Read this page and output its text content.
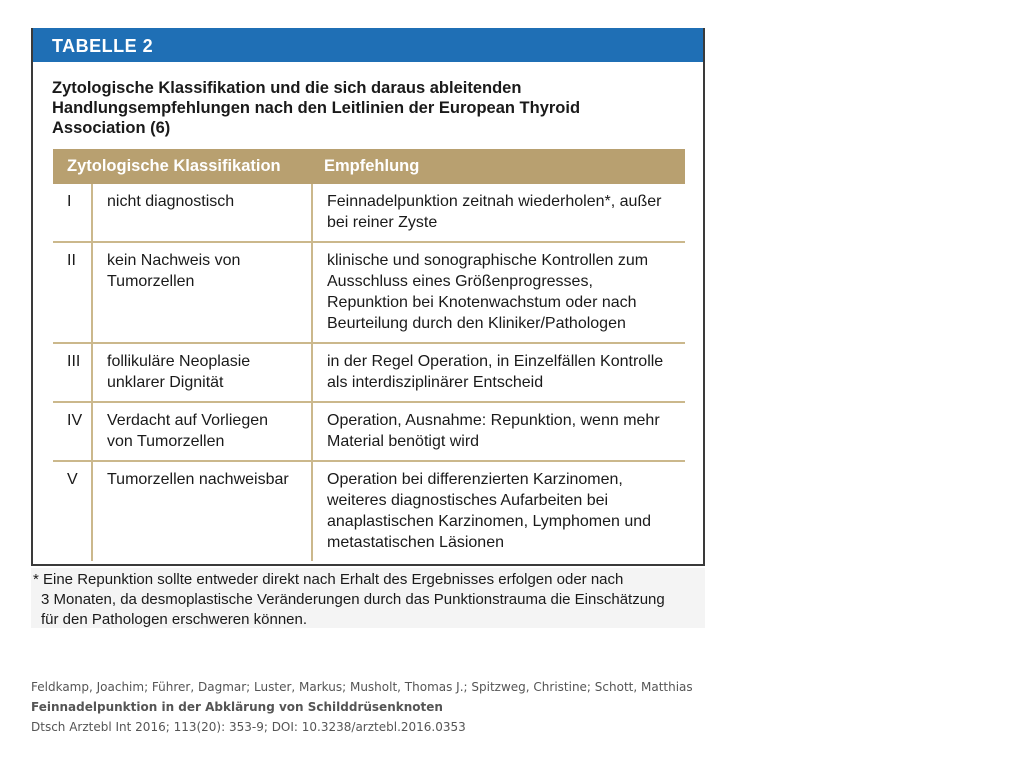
TABELLE 2
Zytologische Klassifikation und die sich daraus ableitenden Handlungsempfehlungen nach den Leitlinien der European Thyroid Association (6)
Zytologische Klassifikation		Empfehlung
I	nicht diagnostisch	Feinnadelpunktion zeitnah wiederholen*, außer bei reiner Zyste
II	kein Nachweis von Tumorzellen	klinische und sonographische Kontrollen zum Ausschluss eines Größenprogresses, Repunktion bei Knotenwachstum oder nach Beurteilung durch den Kliniker/Pathologen
III	follikuläre Neoplasie unklarer Dignität	in der Regel Operation, in Einzelfällen Kontrolle als interdisziplinärer Entscheid
IV	Verdacht auf Vorliegen von Tumorzellen	Operation, Ausnahme: Repunktion, wenn mehr Material benötigt wird
V	Tumorzellen nachweisbar	Operation bei differenzierten Karzinomen, weiteres diagnostisches Aufarbeiten bei anaplastischen Karzinomen, Lymphomen und metastatischen Läsionen
* Eine Repunktion sollte entweder direkt nach Erhalt des Ergebnisses erfolgen oder nach
3 Monaten, da desmoplastische Veränderungen durch das Punktionstrauma die Einschätzung
für den Pathologen erschweren können.
Feldkamp, Joachim; Führer, Dagmar; Luster, Markus; Musholt, Thomas J.; Spitzweg, Christine; Schott, Matthias
Feinnadelpunktion in der Abklärung von Schilddrüsenknoten
Dtsch Arztebl Int 2016; 113(20): 353-9; DOI: 10.3238/arztebl.2016.0353
